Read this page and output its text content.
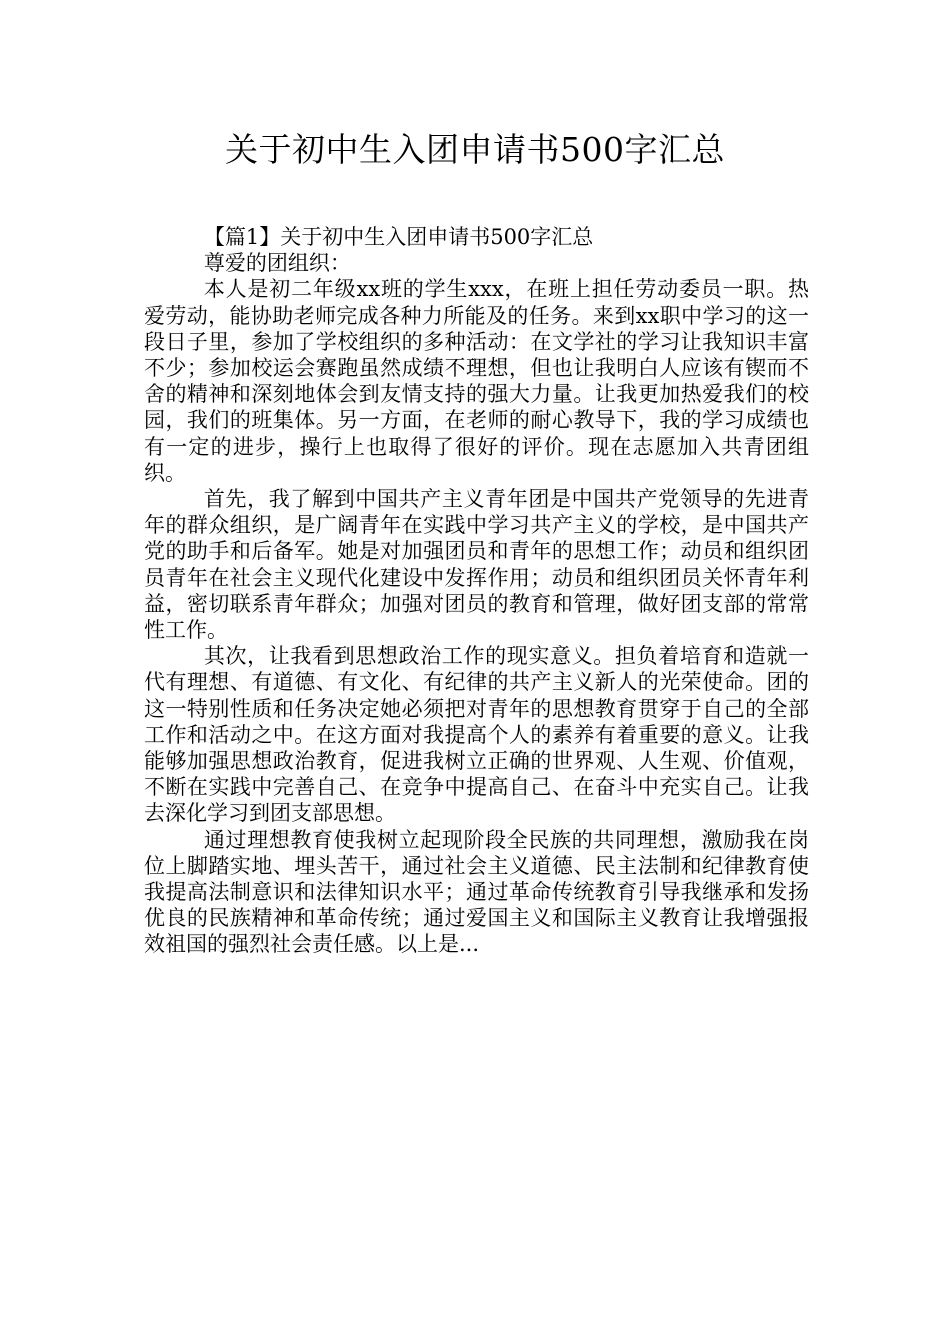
关于初中生入团申请书500字汇总

【篇1】关于初中生入团申请书500字汇总

尊爱的团组织：

本人是初二年级xx班的学生xxx，在班上担任劳动委员一职。热爱劳动，能协助老师完成各种力所能及的任务。来到xx职中学习的这一段日子里，参加了学校组织的多种活动：在文学社的学习让我知识丰富不少；参加校运会赛跑虽然成绩不理想，但也让我明白人应该有锲而不舍的精神和深刻地体会到友情支持的强大力量。让我更加热爱我们的校园，我们的班集体。另一方面，在老师的耐心教导下，我的学习成绩也有一定的进步，操行上也取得了很好的评价。现在志愿加入共青团组织。

首先，我了解到中国共产主义青年团是中国共产党领导的先进青年的群众组织，是广阔青年在实践中学习共产主义的学校，是中国共产党的助手和后备军。她是对加强团员和青年的思想工作；动员和组织团员青年在社会主义现代化建设中发挥作用；动员和组织团员关怀青年利益，密切联系青年群众；加强对团员的教育和管理，做好团支部的常常性工作。

其次，让我看到思想政治工作的现实意义。担负着培育和造就一代有理想、有道德、有文化、有纪律的共产主义新人的光荣使命。团的这一特别性质和任务决定她必须把对青年的思想教育贯穿于自己的全部工作和活动之中。在这方面对我提高个人的素养有着重要的意义。让我能够加强思想政治教育，促进我树立正确的世界观、人生观、价值观，不断在实践中完善自己、在竞争中提高自己、在奋斗中充实自己。让我去深化学习到团支部思想。

通过理想教育使我树立起现阶段全民族的共同理想，激励我在岗位上脚踏实地、埋头苦干，通过社会主义道德、民主法制和纪律教育使我提高法制意识和法律知识水平；通过革命传统教育引导我继承和发扬优良的民族精神和革命传统；通过爱国主义和国际主义教育让我增强报效祖国的强烈社会责任感。以上是...
